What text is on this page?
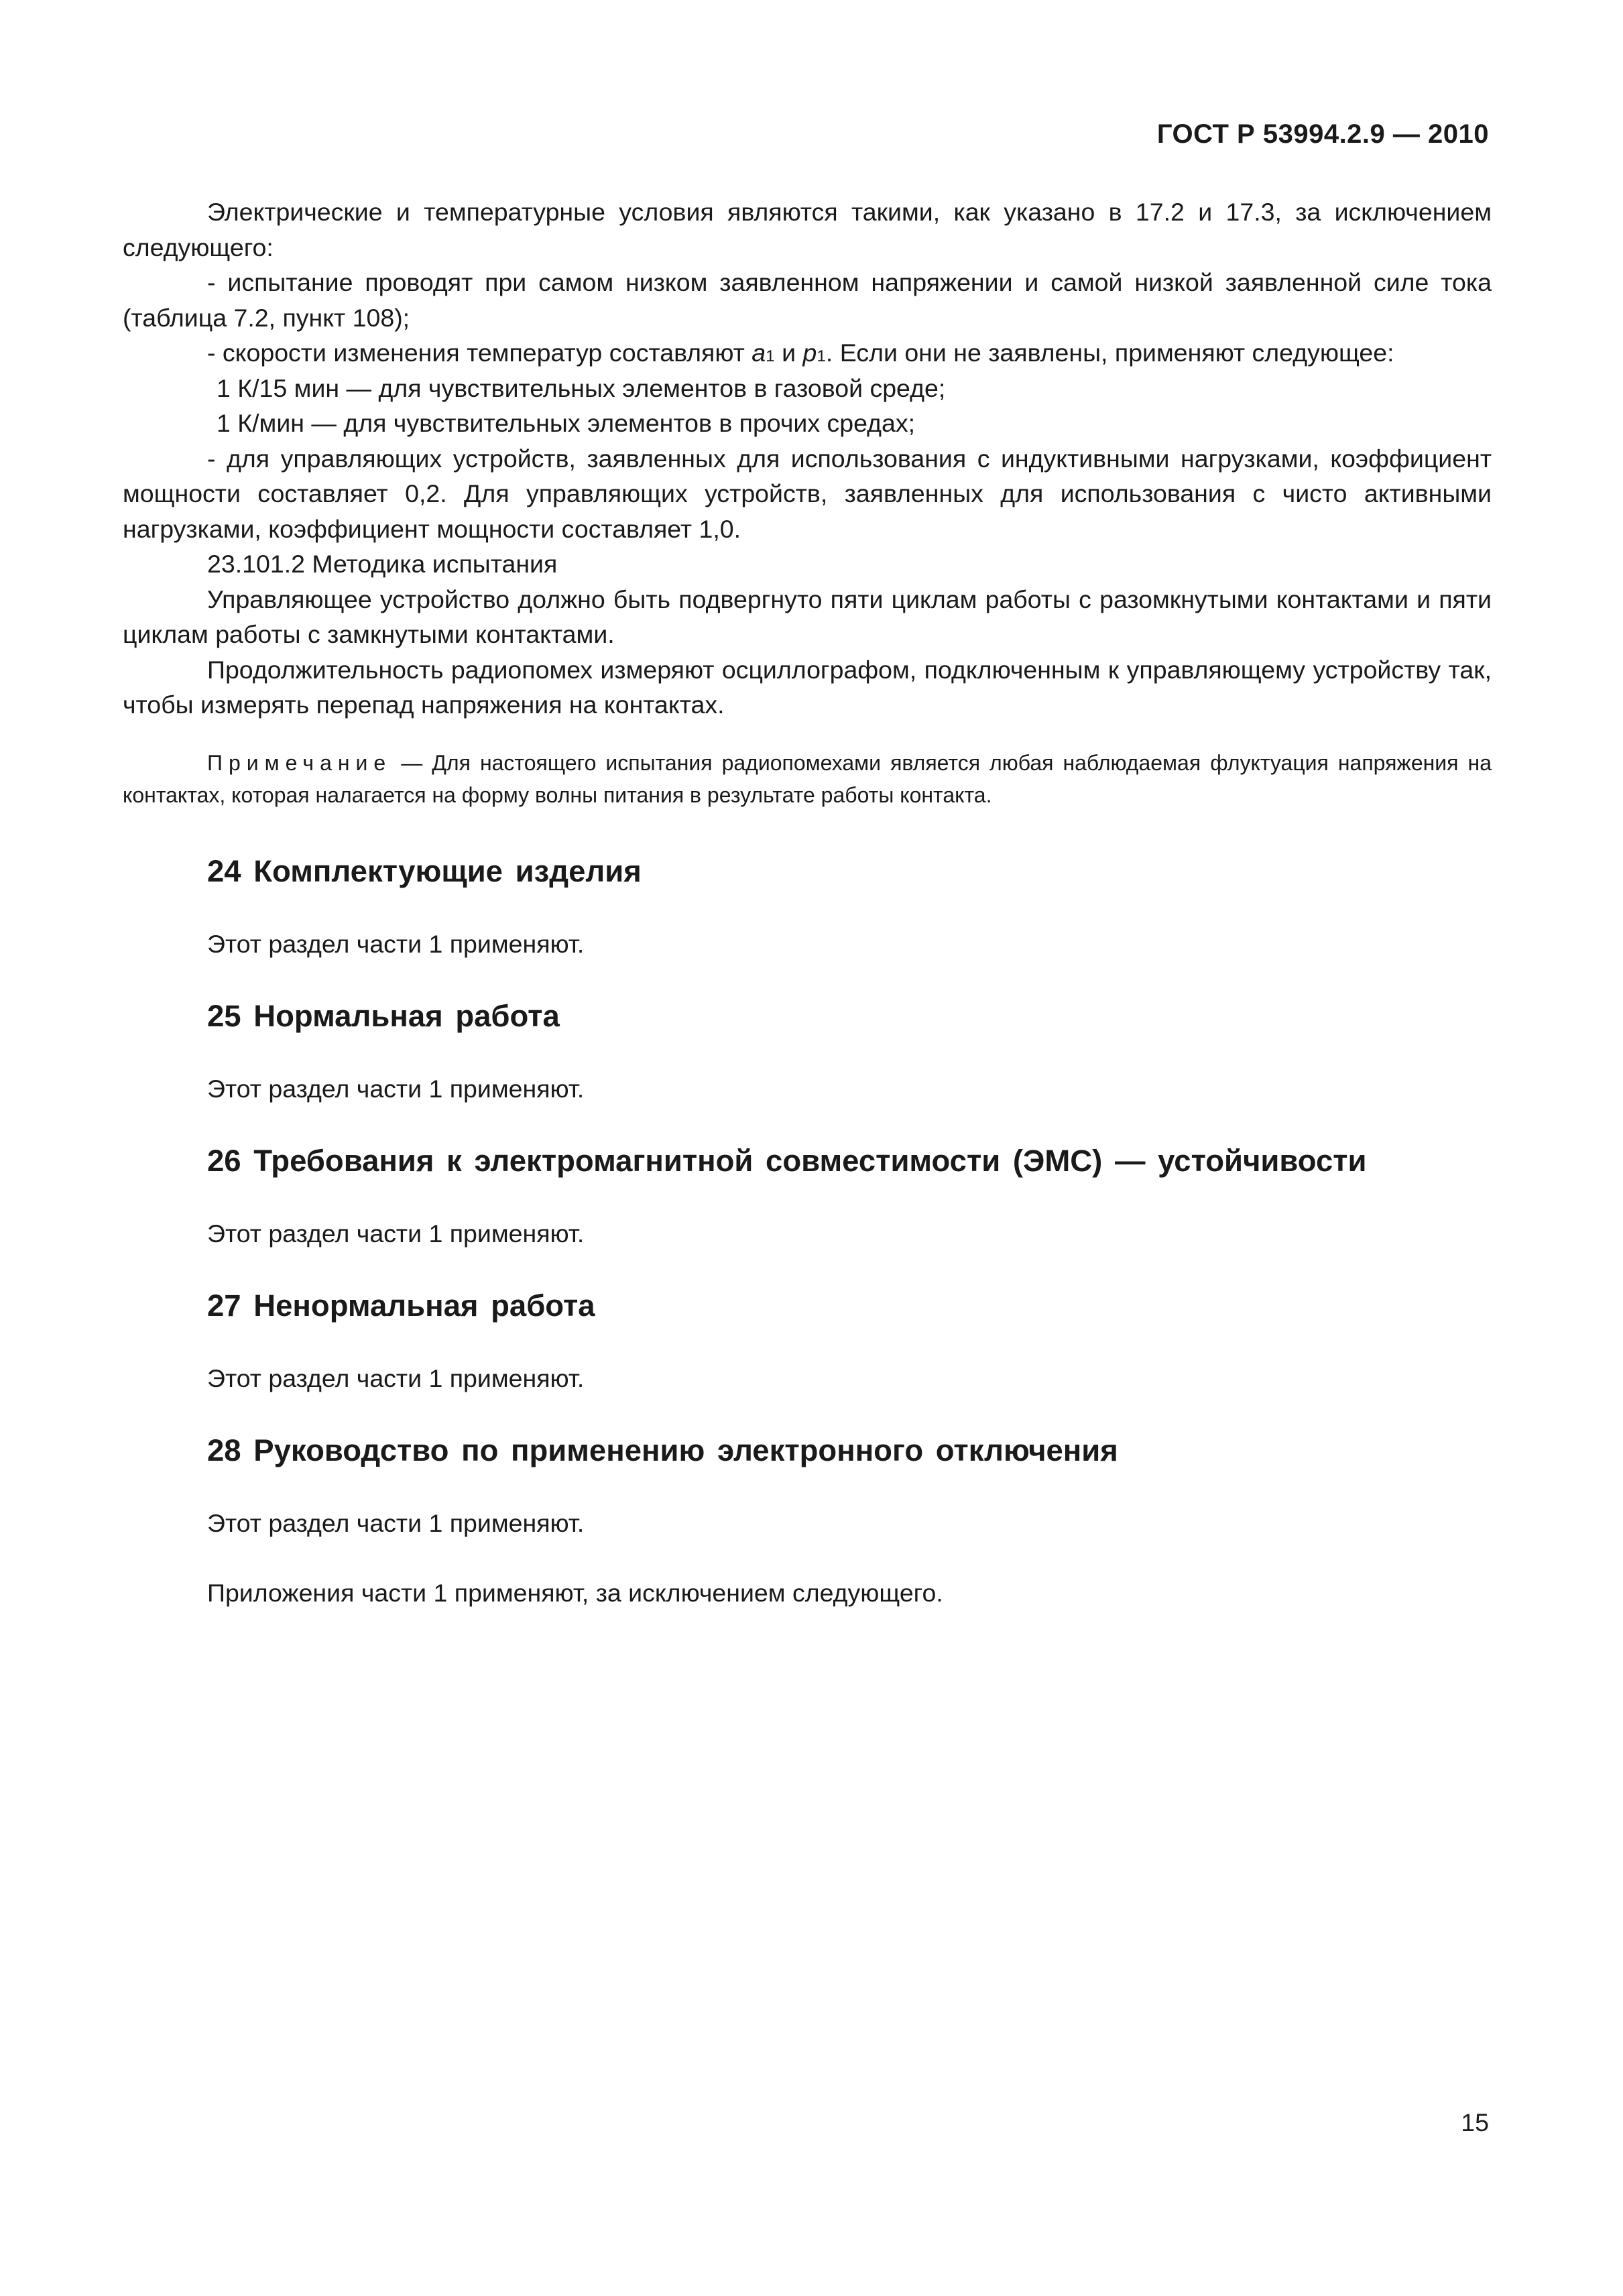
ГОСТ Р 53994.2.9 — 2010

Электрические и температурные условия являются такими, как указано в 17.2 и 17.3, за исключением следующего:

- испытание проводят при самом низком заявленном напряжении и самой низкой заявленной силе тока (таблица 7.2, пункт 108);

- скорости изменения температур составляют $a_1$ и $p_1$. Если они не заявлены, применяют следующее:

1 К/15 мин — для чувствительных элементов в газовой среде;

1 К/мин — для чувствительных элементов в прочих средах;

- для управляющих устройств, заявленных для использования с индуктивными нагрузками, коэффициент мощности составляет 0,2. Для управляющих устройств, заявленных для использования с чисто активными нагрузками, коэффициент мощности составляет 1,0.

23.101.2 Методика испытания

Управляющее устройство должно быть подвергнуто пяти циклам работы с разомкнутыми контактами и пяти циклам работы с замкнутыми контактами.

Продолжительность радиопомех измеряют осциллографом, подключенным к управляющему устройству так, чтобы измерять перепад напряжения на контактах.

Примечание — Для настоящего испытания радиопомехами является любая наблюдаемая флуктуация напряжения на контактах, которая налагается на форму волны питания в результате работы контакта.

24 Комплектующие изделия

Этот раздел части 1 применяют.

25 Нормальная работа

Этот раздел части 1 применяют.

26 Требования к электромагнитной совместимости (ЭМС) — устойчивости

Этот раздел части 1 применяют.

27 Ненормальная работа

Этот раздел части 1 применяют.

28 Руководство по применению электронного отключения

Этот раздел части 1 применяют.

Приложения части 1 применяют, за исключением следующего.

15
